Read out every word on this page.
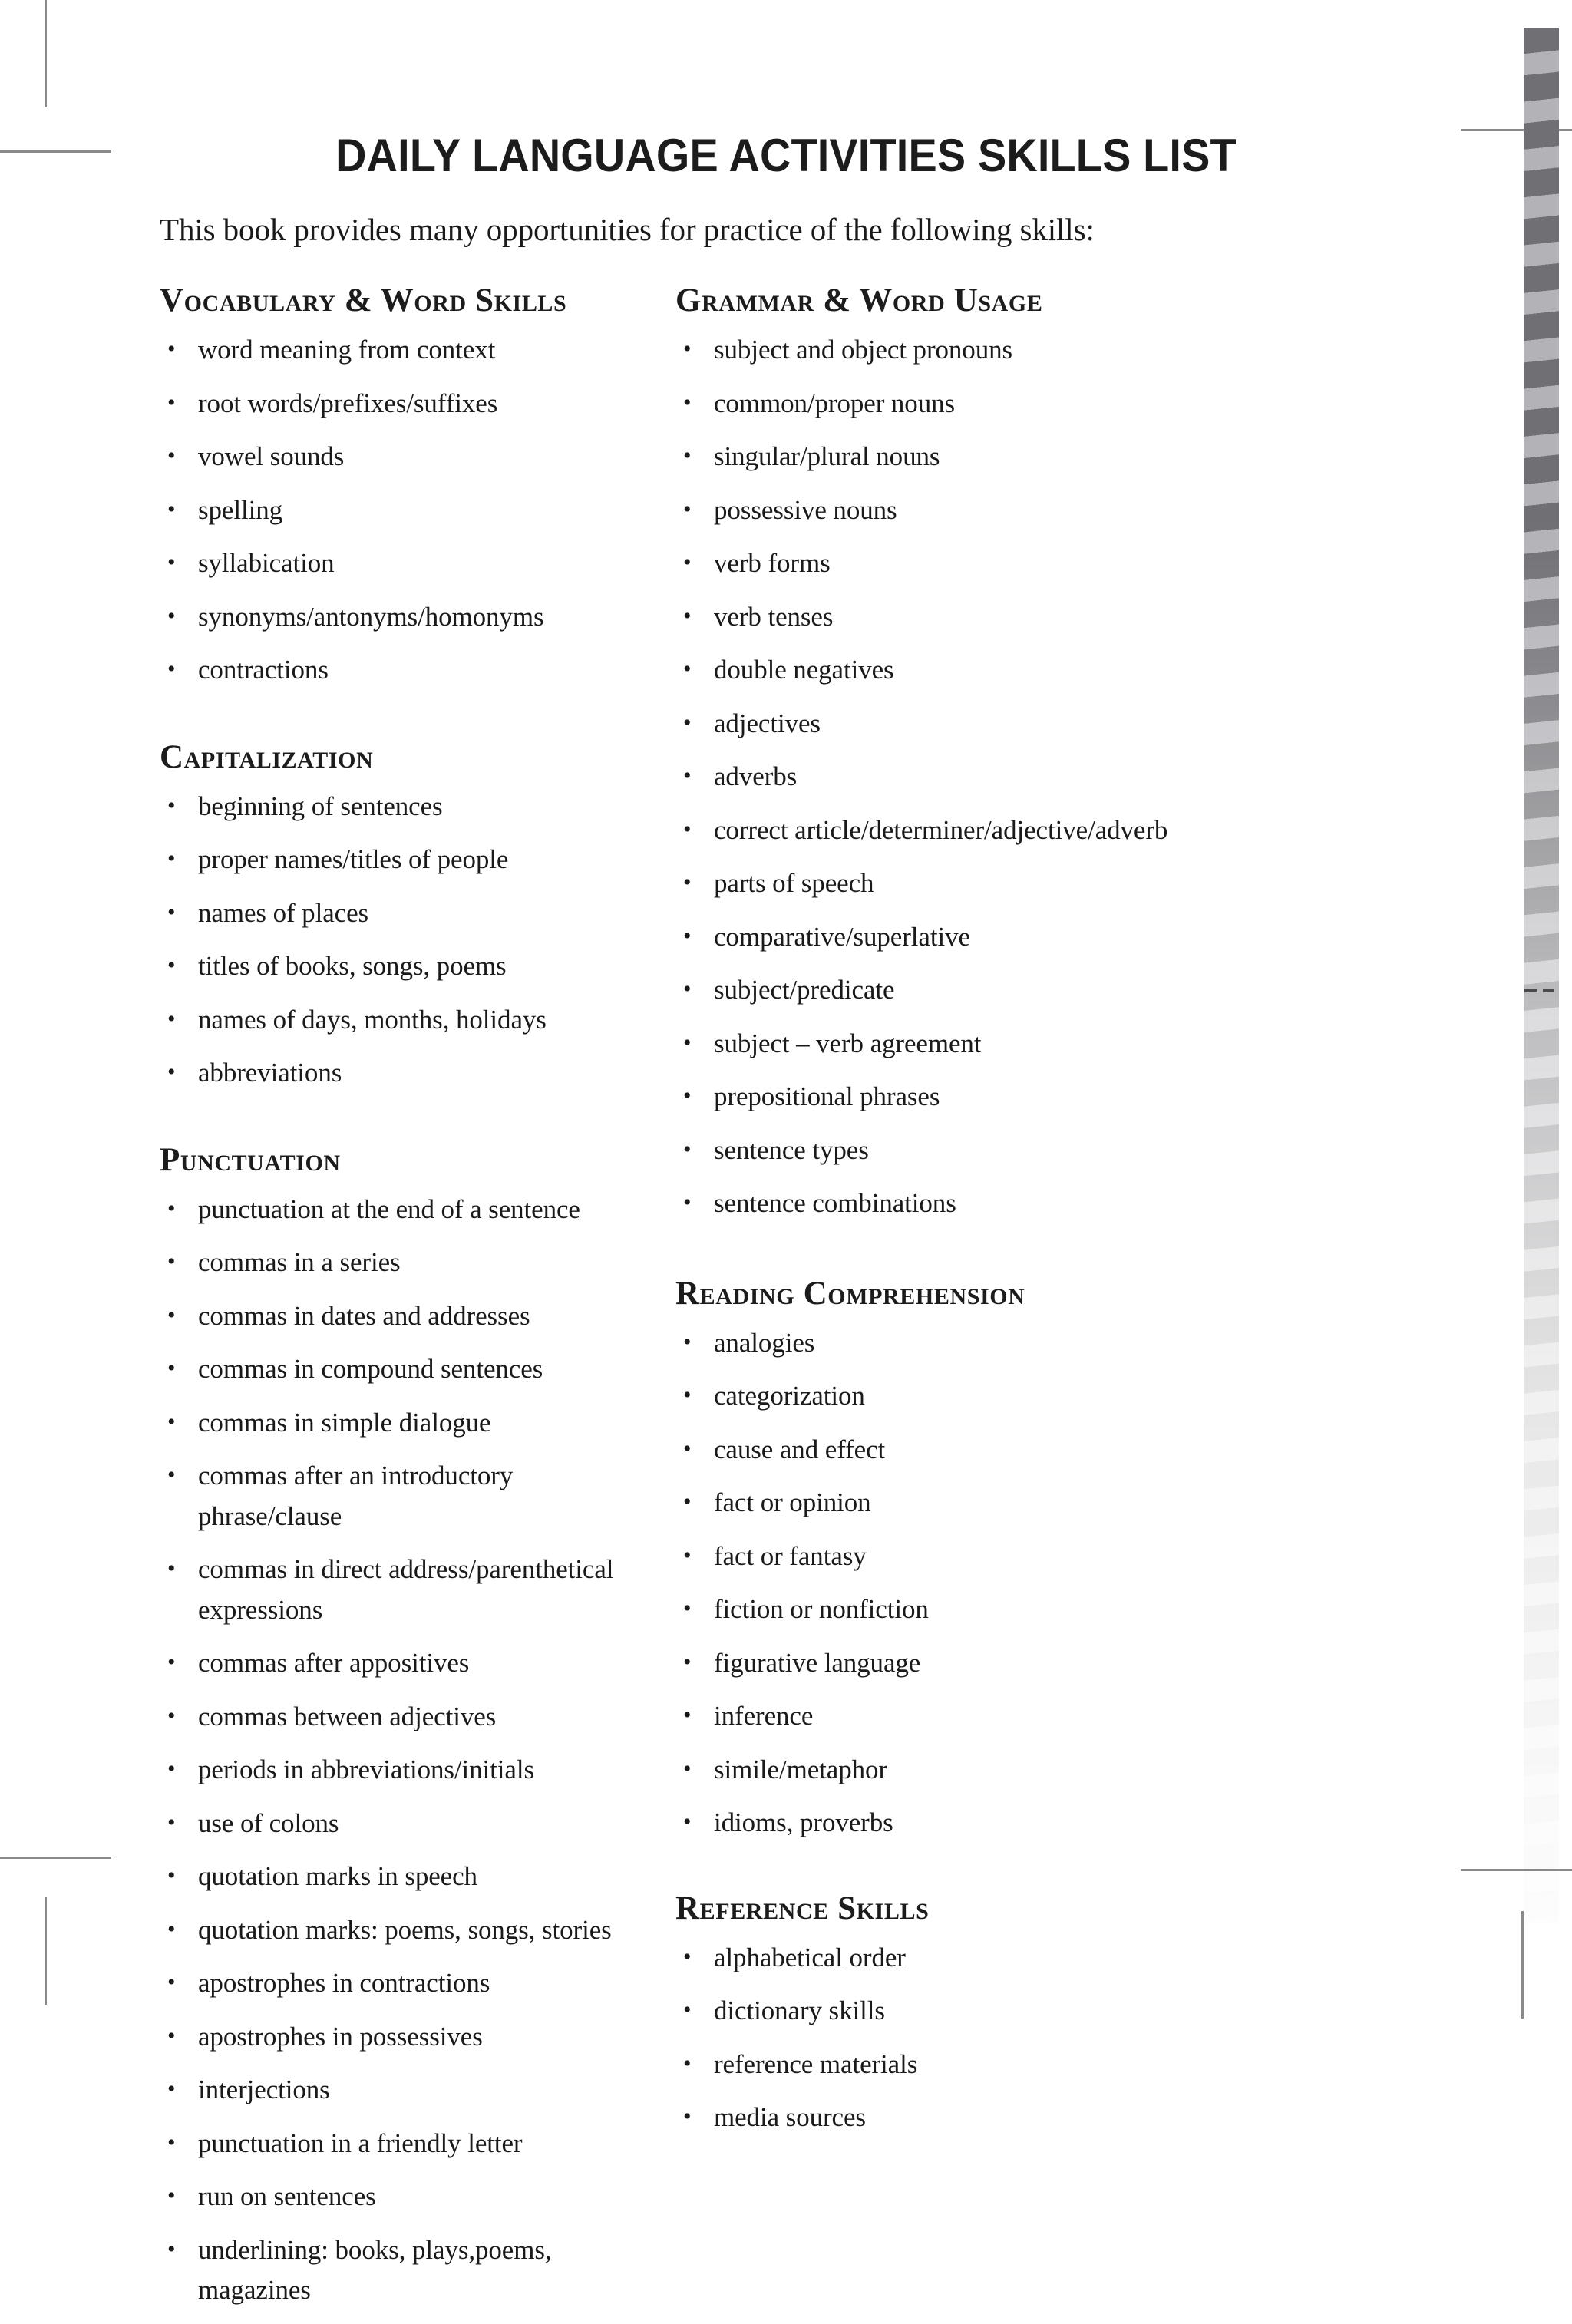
DAILY LANGUAGE ACTIVITIES SKILLS LIST

This book provides many opportunities for practice of the following skills:

Vocabulary & Word Skills
• word meaning from context
• root words/prefixes/suffixes
• vowel sounds
• spelling
• syllabication
• synonyms/antonyms/homonyms
• contractions
Capitalization
• beginning of sentences
• proper names/titles of people
• names of places
• titles of books, songs, poems
• names of days, months, holidays
• abbreviations
Punctuation
• punctuation at the end of a sentence
• commas in a series
• commas in dates and addresses
• commas in compound sentences
• commas in simple dialogue
• commas after an introductory phrase/clause
• commas in direct address/parenthetical expressions
• commas after appositives
• commas between adjectives
• periods in abbreviations/initials
• use of colons
• quotation marks in speech
• quotation marks: poems, songs, stories
• apostrophes in contractions
• apostrophes in possessives
• interjections
• punctuation in a friendly letter
• run on sentences
• underlining: books, plays,poems, magazines
Grammar & Word Usage
• subject and object pronouns
• common/proper nouns
• singular/plural nouns
• possessive nouns
• verb forms
• verb tenses
• double negatives
• adjectives
• adverbs
• correct article/determiner/adjective/adverb
• parts of speech
• comparative/superlative
• subject/predicate
• subject – verb agreement
• prepositional phrases
• sentence types
• sentence combinations
Reading Comprehension
• analogies
• categorization
• cause and effect
• fact or opinion
• fact or fantasy
• fiction or nonfiction
• figurative language
• inference
• simile/metaphor
• idioms, proverbs
Reference Skills
• alphabetical order
• dictionary skills
• reference materials
• media sources
